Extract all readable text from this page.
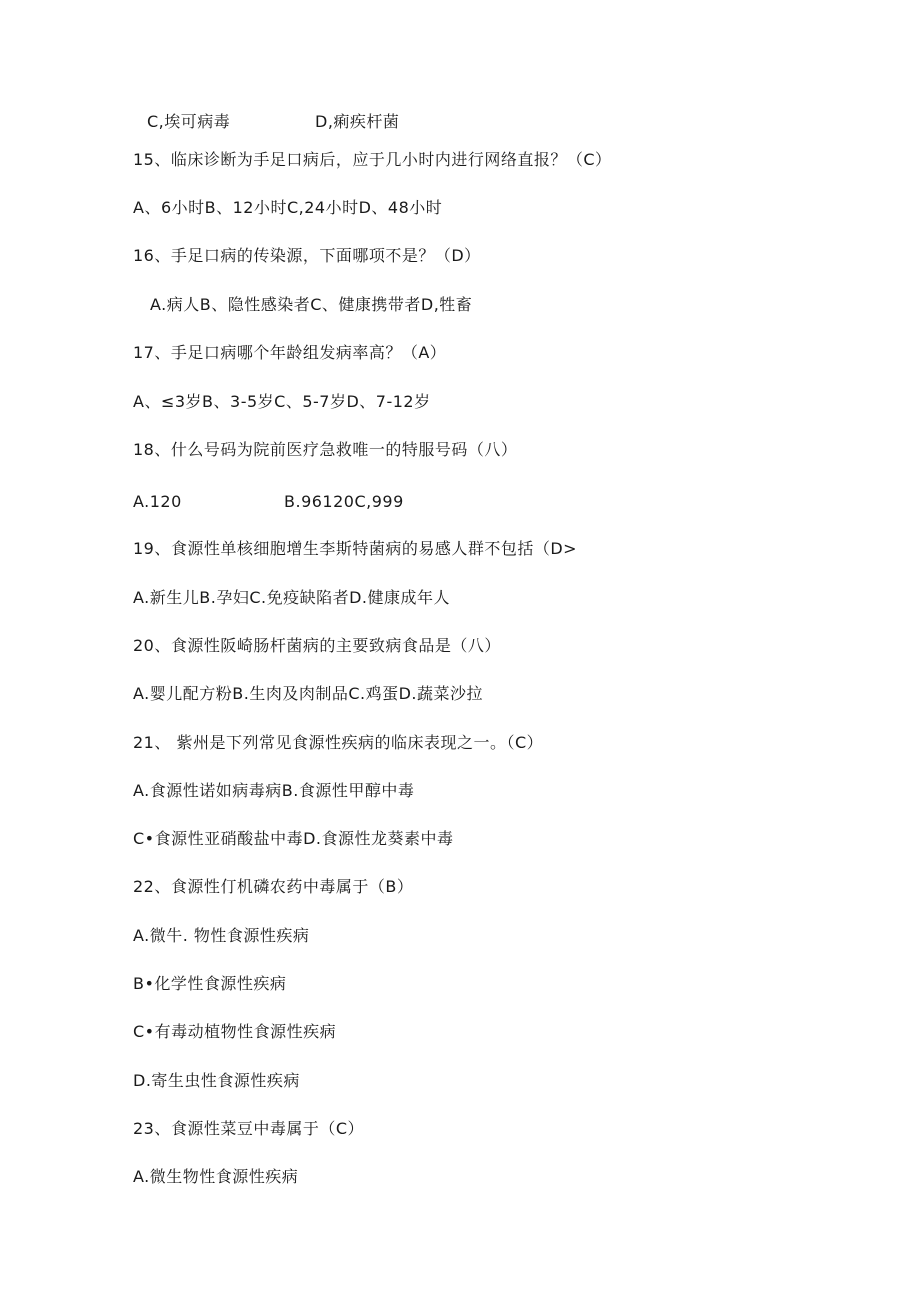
C,埃可病毒	D,痢疾杆菌
15、临床诊断为手足口病后，应于几小时内进行网络直报？（C）
A、6小时B、12小时C,24小时D、48小时
16、手足口病的传染源，下面哪项不是？（D）
A.病人B、隐性感染者C、健康携带者D,牲畜
17、手足口病哪个年龄组发病率高？（A）
A、≤3岁B、3-5岁C、5-7岁D、7-12岁
18、什么号码为院前医疗急救唯一的特服号码（八）
A.120	B.96120C,999
19、食源性单核细胞增生李斯特菌病的易感人群不包括（D>
A.新生儿B.孕妇C.免疫缺陷者D.健康成年人
20、食源性阪崎肠杆菌病的主要致病食品是（八）
A.婴儿配方粉B.生肉及肉制品C.鸡蛋D.蔬菜沙拉
21、 紫州是下列常见食源性疾病的临床表现之一。（C）
A.食源性诺如病毒病B.食源性甲醇中毒
C•食源性亚硝酸盐中毒D.食源性龙葵素中毒
22、食源性仃机磷农药中毒属于（B）
A.微牛. 物性食源性疾病
B•化学性食源性疾病
C•有毒动植物性食源性疾病
D.寄生虫性食源性疾病
23、食源性菜豆中毒属于（C）
A.微生物性食源性疾病
